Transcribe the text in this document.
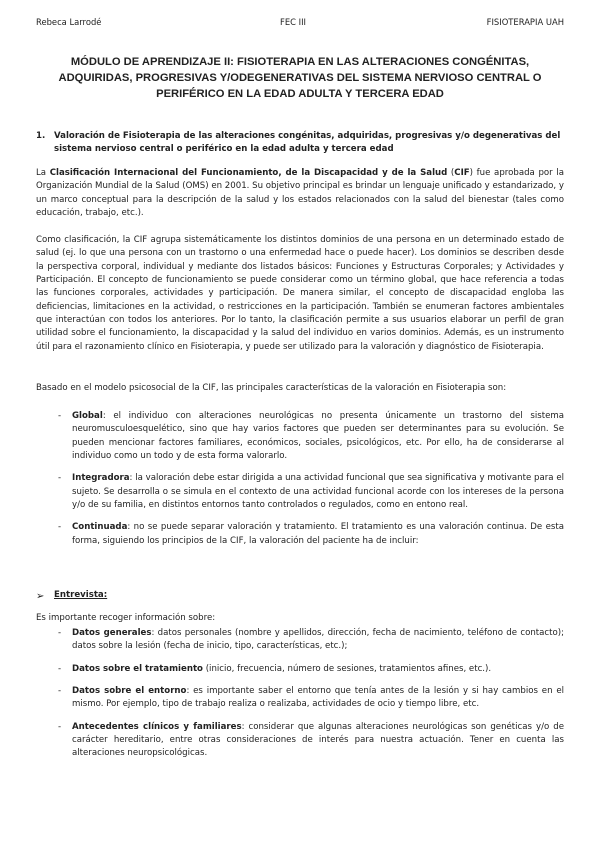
Rebeca Larrodé	FEC III	FISIOTERAPIA UAH
MÓDULO DE APRENDIZAJE II: FISIOTERAPIA EN LAS ALTERACIONES CONGÉNITAS, ADQUIRIDAS, PROGRESIVAS Y/ODEGENERATIVAS DEL SISTEMA NERVIOSO CENTRAL O PERIFÉRICO EN LA EDAD ADULTA Y TERCERA EDAD
1.	Valoración de Fisioterapia de las alteraciones congénitas, adquiridas, progresivas y/o degenerativas del sistema nervioso central o periférico en la edad adulta y tercera edad

La Clasificación Internacional del Funcionamiento, de la Discapacidad y de la Salud (CIF) fue aprobada por la Organización Mundial de la Salud (OMS) en 2001. Su objetivo principal es brindar un lenguaje unificado y estandarizado, y un marco conceptual para la descripción de la salud y los estados relacionados con la salud del bienestar (tales como educación, trabajo, etc.).

Como clasificación, la CIF agrupa sistemáticamente los distintos dominios de una persona en un determinado estado de salud (ej. lo que una persona con un trastorno o una enfermedad hace o puede hacer). Los dominios se describen desde la perspectiva corporal, individual y mediante dos listados básicos: Funciones y Estructuras Corporales; y Actividades y Participación. El concepto de funcionamiento se puede considerar como un término global, que hace referencia a todas las funciones corporales, actividades y participación. De manera similar, el concepto de discapacidad engloba las deficiencias, limitaciones en la actividad, o restricciones en la participación. También se enumeran factores ambientales que interactúan con todos los anteriores. Por lo tanto, la clasificación permite a sus usuarios elaborar un perfil de gran utilidad sobre el funcionamiento, la discapacidad y la salud del individuo en varios dominios. Además, es un instrumento útil para el razonamiento clínico en Fisioterapia, y puede ser utilizado para la valoración y diagnóstico de Fisioterapia.

Basado en el modelo psicosocial de la CIF, las principales características de la valoración en Fisioterapia son:

- Global: el individuo con alteraciones neurológicas no presenta únicamente un trastorno del sistema neuromusculoesquelético, sino que hay varios factores que pueden ser determinantes para su evolución. Se pueden mencionar factores familiares, económicos, sociales, psicológicos, etc. Por ello, ha de considerarse al individuo como un todo y de esta forma valorarlo.
- Integradora: la valoración debe estar dirigida a una actividad funcional que sea significativa y motivante para el sujeto. Se desarrolla o se simula en el contexto de una actividad funcional acorde con los intereses de la persona y/o de su familia, en distintos entornos tanto controlados o regulados, como en entono real.
- Continuada: no se puede separar valoración y tratamiento. El tratamiento es una valoración continua. De esta forma, siguiendo los principios de la CIF, la valoración del paciente ha de incluir:
➢ Entrevista:

Es importante recoger información sobre:

- Datos generales: datos personales (nombre y apellidos, dirección, fecha de nacimiento, teléfono de contacto); datos sobre la lesión (fecha de inicio, tipo, características, etc.);
- Datos sobre el tratamiento (inicio, frecuencia, número de sesiones, tratamientos afines, etc.).
- Datos sobre el entorno: es importante saber el entorno que tenía antes de la lesión y si hay cambios en el mismo. Por ejemplo, tipo de trabajo realiza o realizaba, actividades de ocio y tiempo libre, etc.
- Antecedentes clínicos y familiares: considerar que algunas alteraciones neurológicas son genéticas y/o de carácter hereditario, entre otras consideraciones de interés para nuestra actuación. Tener en cuenta las alteraciones neuropsicológicas.
